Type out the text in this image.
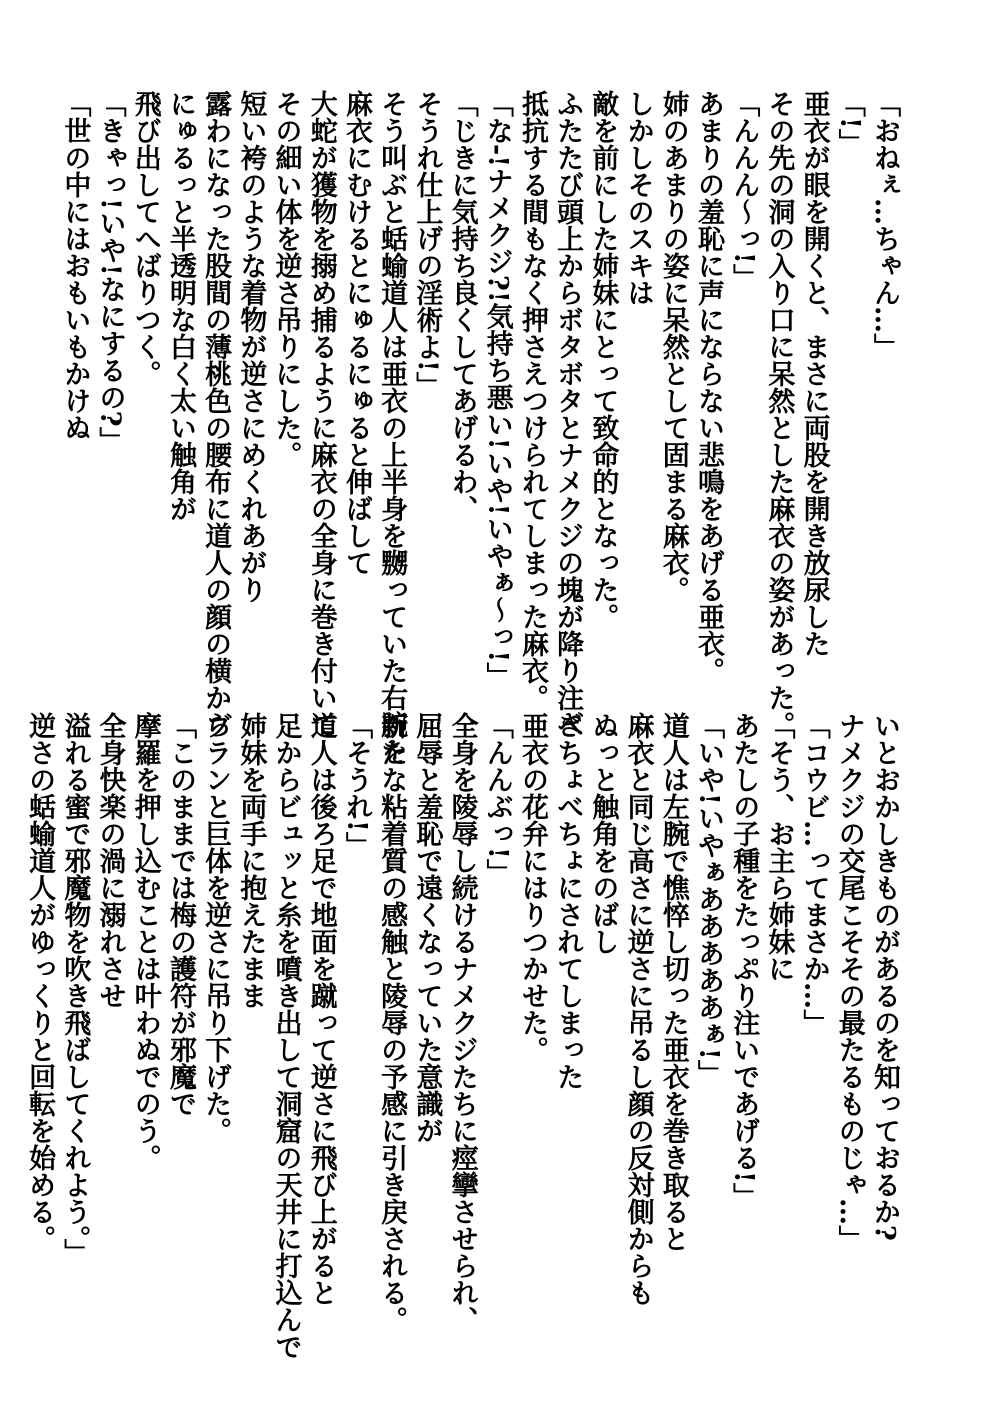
「おねぇ…ちゃん…」
「!」
亜衣が眼を開くと、まさに両股を開き放尿した
その先の洞の入り口に呆然とした麻衣の姿があった。
「んんん～っ!」
あまりの羞恥に声にならない悲鳴をあげる亜衣。
姉のあまりの姿に呆然として固まる麻衣。
しかしそのスキは
敵を前にした姉妹にとって致命的となった。
ふたたび頭上からボタボタとナメクジの塊が降り注ぎ
抵抗する間もなく押さえつけられてしまった麻衣。
「な-!ナメクジ?!気持ち悪い!いや!いやぁ～っ!」
「じきに気持ち良くしてあげるわ、
そうれ仕上げの淫術よ!」
そう叫ぶと蛞蝓道人は亜衣の上半身を嬲っていた右腕を
麻衣にむけるとにゅるにゅると伸ばして
大蛇が獲物を搦め捕るように麻衣の全身に巻き付いて
その細い体を逆さ吊りにした。
短い袴のような着物が逆さにめくれあがり
露わになった股間の薄桃色の腰布に道人の顔の横から
にゅるっと半透明な白く太い触角が
飛び出してへばりつく。
「きゃっ!いや!なにするの?」
「世の中にはおもいもかけぬ
いとおかしきものがあるのを知っておるか?
ナメクジの交尾こそその最たるものじゃ…」
「コウビ…ってまさか…」
「そう、お主ら姉妹に
あたしの子種をたっぷり注いであげる!」
「いや!いやぁあああああぁ!」
道人は左腕で憔悴し切った亜衣を巻き取ると
麻衣と同じ高さに逆さに吊るし顔の反対側からも
ぬっと触角をのばし
べちょべちょにされてしまった
亜衣の花弁にはりつかせた。
「んんぶっ!」
全身を陵辱し続けるナメクジたちに痙攣させられ、
屈辱と羞恥で遠くなっていた意識が
新たな粘着質の感触と陵辱の予感に引き戻される。
「そうれ!」
道人は後ろ足で地面を蹴って逆さに飛び上がると
足からビュッと糸を噴き出して洞窟の天井に打込んで
姉妹を両手に抱えたまま
ブランと巨体を逆さに吊り下げた。
「このままでは梅の護符が邪魔で
摩羅を押し込むことは叶わぬでのう。
全身快楽の渦に溺れさせ
溢れる蜜で邪魔物を吹き飛ばしてくれよう。」
逆さの蛞蝓道人がゆっくりと回転を始める。
